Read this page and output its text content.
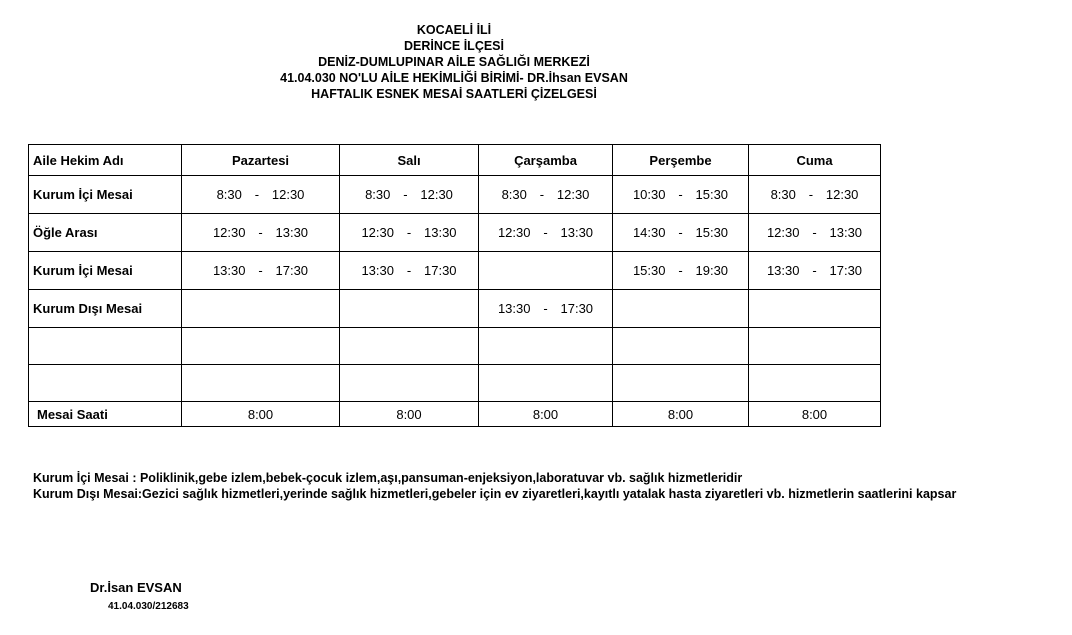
KOCAELİ İLİ
DERİNCE İLÇESİ
DENİZ-DUMLUPINAR AİLE SAĞLIĞI MERKEZİ
41.04.030 NO'LU AİLE HEKİMLİĞİ BİRİMİ- DR.İhsan EVSAN
HAFTALIK ESNEK MESAİ SAATLERİ ÇİZELGESİ
Aile Hekim Adı	Pazartesi	Salı	Çarşamba	Perşembe	Cuma
Kurum İçi Mesai	8:30 - 12:30	8:30 - 12:30	8:30 - 12:30	10:30 - 15:30	8:30 - 12:30

Öğle Arası	12:30 - 13:30	12:30 - 13:30	12:30 - 13:30	14:30 - 15:30	12:30 - 13:30

Kurum İçi Mesai	13:30 - 17:30	13:30 - 17:30		15:30 - 19:30	13:30 - 17:30

Kurum Dışı Mesai			13:30 - 17:30		

Mesai Saati	8:00	8:00	8:00	8:00	8:00
Kurum İçi Mesai : Poliklinik,gebe izlem,bebek-çocuk izlem,aşı,pansuman-enjeksiyon,laboratuvar vb. sağlık hizmetleridir
Kurum Dışı Mesai:Gezici sağlık hizmetleri,yerinde sağlık hizmetleri,gebeler için ev ziyaretleri,kayıtlı yatalak hasta ziyaretleri vb. hizmetlerin saatlerini kapsar
Dr.İsan EVSAN
41.04.030/212683
